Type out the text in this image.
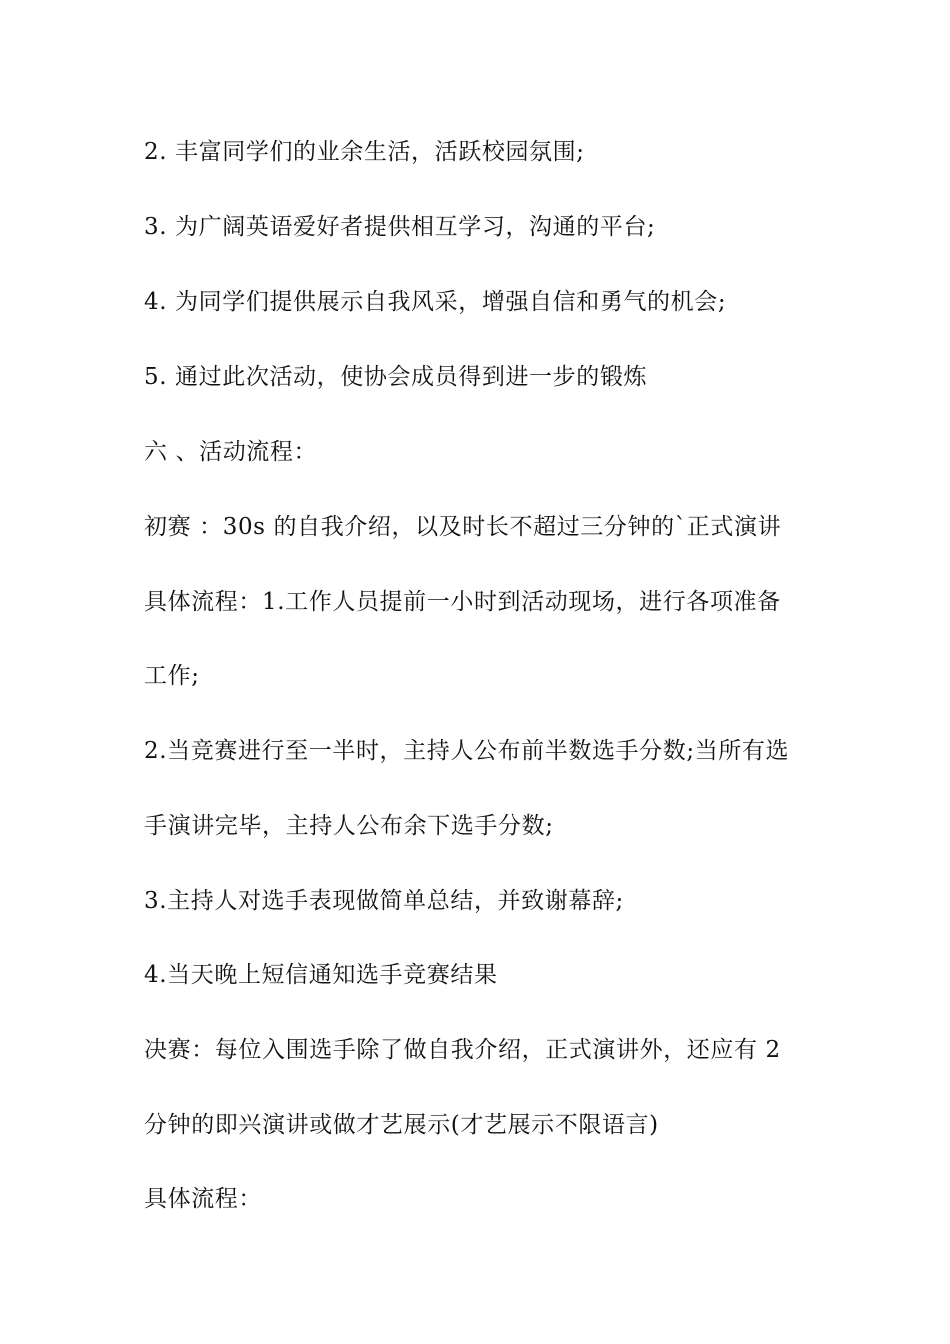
2. 丰富同学们的业余生活，活跃校园氛围;
3. 为广阔英语爱好者提供相互学习，沟通的平台;
4. 为同学们提供展示自我风采，增强自信和勇气的机会;
5. 通过此次活动，使协会成员得到进一步的锻炼
六 、活动流程：
初赛 ：30s 的自我介绍，以及时长不超过三分钟的`正式演讲
具体流程：1.工作人员提前一小时到活动现场，进行各项准备
工作;
2.当竞赛进行至一半时，主持人公布前半数选手分数;当所有选
手演讲完毕，主持人公布余下选手分数;
3.主持人对选手表现做简单总结，并致谢幕辞;
4.当天晚上短信通知选手竞赛结果
决赛：每位入围选手除了做自我介绍，正式演讲外，还应有 2
分钟的即兴演讲或做才艺展示(才艺展示不限语言)
具体流程：
